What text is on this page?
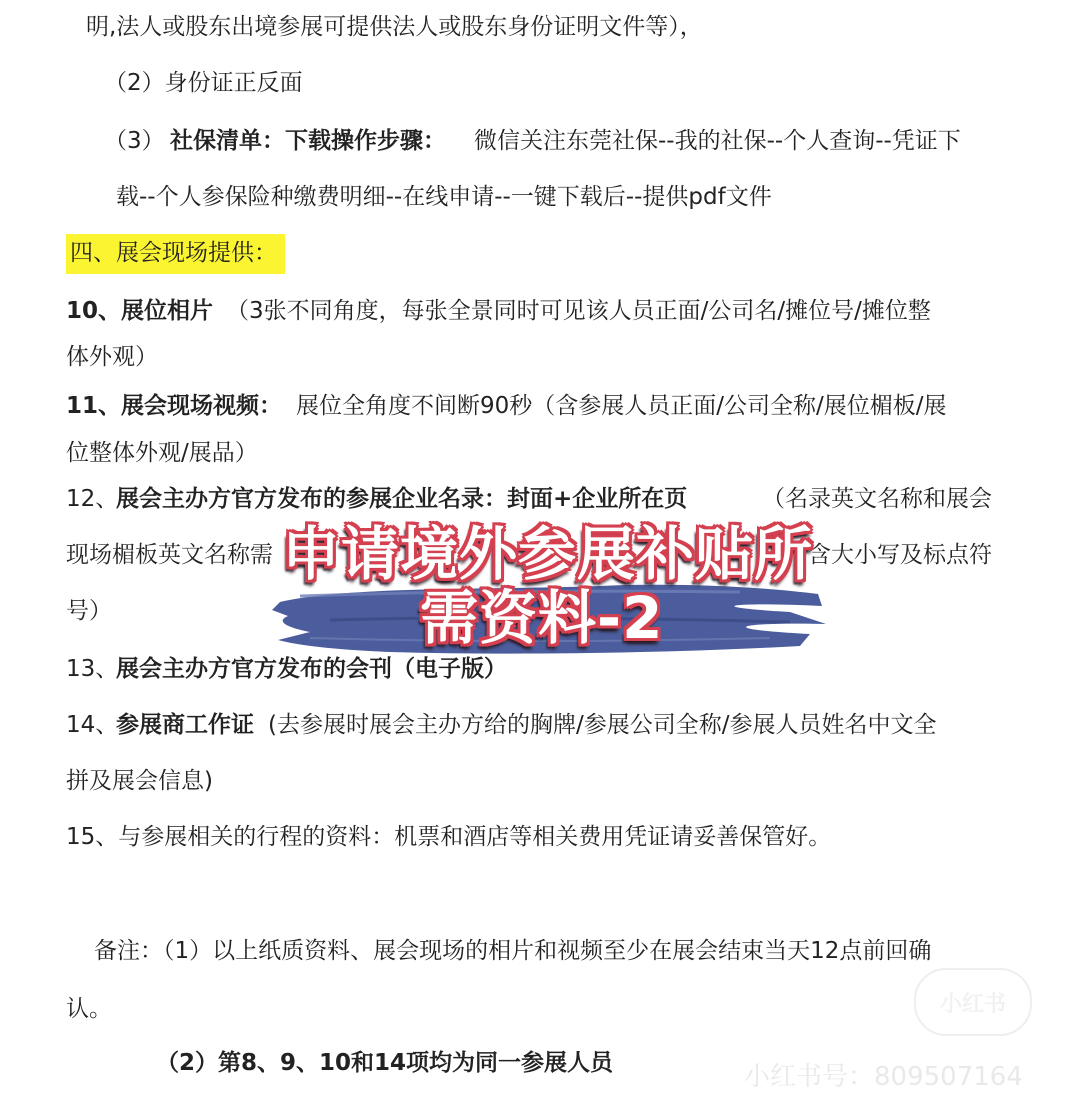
明,法人或股东出境参展可提供法人或股东身份证明文件等），
（2）身份证正反面
（3） 社保清单：下载操作步骤： 微信关注东莞社保--我的社保--个人查询--凭证下
载--个人参保险种缴费明细--在线申请--一键下载后--提供pdf文件
四、展会现场提供：
10、展位相片 （3张不同角度，每张全景同时可见该人员正面/公司名/摊位号/摊位整
体外观）
11、展会现场视频： 展位全角度不间断90秒（含参展人员正面/公司全称/展位楣板/展
位整体外观/展品）
12、
展会主办方官方发布的参展企业名录：封面+企业所在页	（名录英文名称和展会
现场楣板英文名称需	含大小写及标点符
号）
13、
展会主办方官方发布的会刊（电子版）
14、
参展商工作证 (去参展时展会主办方给的胸牌/参展公司全称/参展人员姓名中文全
拼及展会信息)
15、与参展相关的行程的资料：机票和酒店等相关费用凭证请妥善保管好。
备注：（1）以上纸质资料、展会现场的相片和视频至少在展会结束当天12点前回确
认。
（2）第8、9、10和14项均为同一参展人员
申请境外参展补贴所
需资料-2
小红书
小红书号：809507164
